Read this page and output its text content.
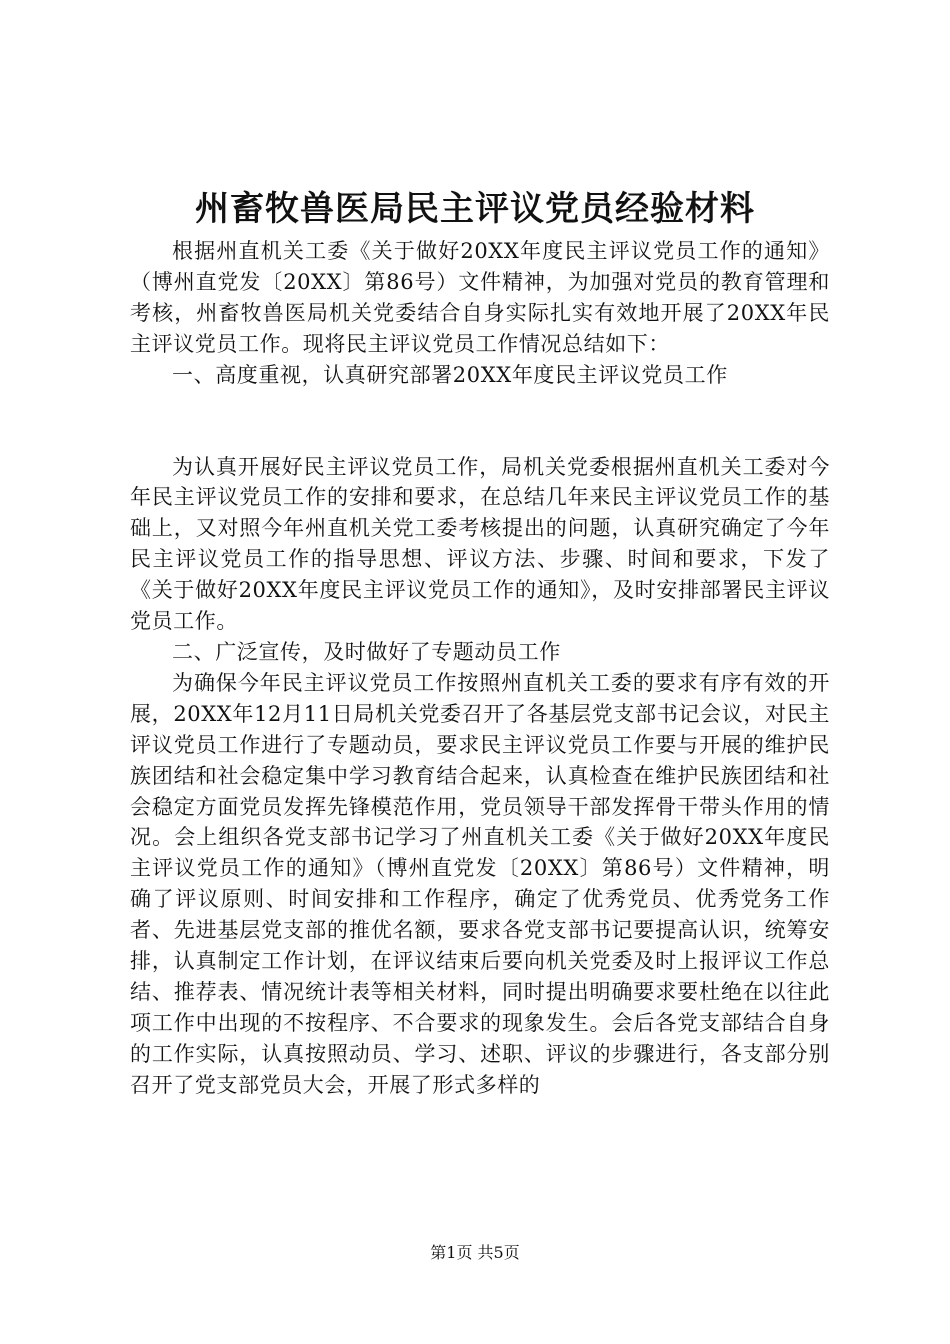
州畜牧兽医局民主评议党员经验材料

根据州直机关工委《关于做好20XX年度民主评议党员工作的通知》（博州直党发〔20XX〕第86号）文件精神，为加强对党员的教育管理和考核，州畜牧兽医局机关党委结合自身实际扎实有效地开展了20XX年民主评议党员工作。现将民主评议党员工作情况总结如下：

一、高度重视，认真研究部署20XX年度民主评议党员工作

为认真开展好民主评议党员工作，局机关党委根据州直机关工委对今年民主评议党员工作的安排和要求，在总结几年来民主评议党员工作的基础上，又对照今年州直机关党工委考核提出的问题，认真研究确定了今年民主评议党员工作的指导思想、评议方法、步骤、时间和要求，下发了《关于做好20XX年度民主评议党员工作的通知》，及时安排部署民主评议党员工作。

二、广泛宣传，及时做好了专题动员工作

为确保今年民主评议党员工作按照州直机关工委的要求有序有效的开展，20XX年12月11日局机关党委召开了各基层党支部书记会议，对民主评议党员工作进行了专题动员，要求民主评议党员工作要与开展的维护民族团结和社会稳定集中学习教育结合起来，认真检查在维护民族团结和社会稳定方面党员发挥先锋模范作用，党员领导干部发挥骨干带头作用的情况。会上组织各党支部书记学习了州直机关工委《关于做好20XX年度民主评议党员工作的通知》（博州直党发〔20XX〕第86号）文件精神，明确了评议原则、时间安排和工作程序，确定了优秀党员、优秀党务工作者、先进基层党支部的推优名额，要求各党支部书记要提高认识，统筹安排，认真制定工作计划，在评议结束后要向机关党委及时上报评议工作总结、推荐表、情况统计表等相关材料，同时提出明确要求要杜绝在以往此项工作中出现的不按程序、不合要求的现象发生。会后各党支部结合自身的工作实际，认真按照动员、学习、述职、评议的步骤进行，各支部分别召开了党支部党员大会，开展了形式多样的

第1页 共5页
